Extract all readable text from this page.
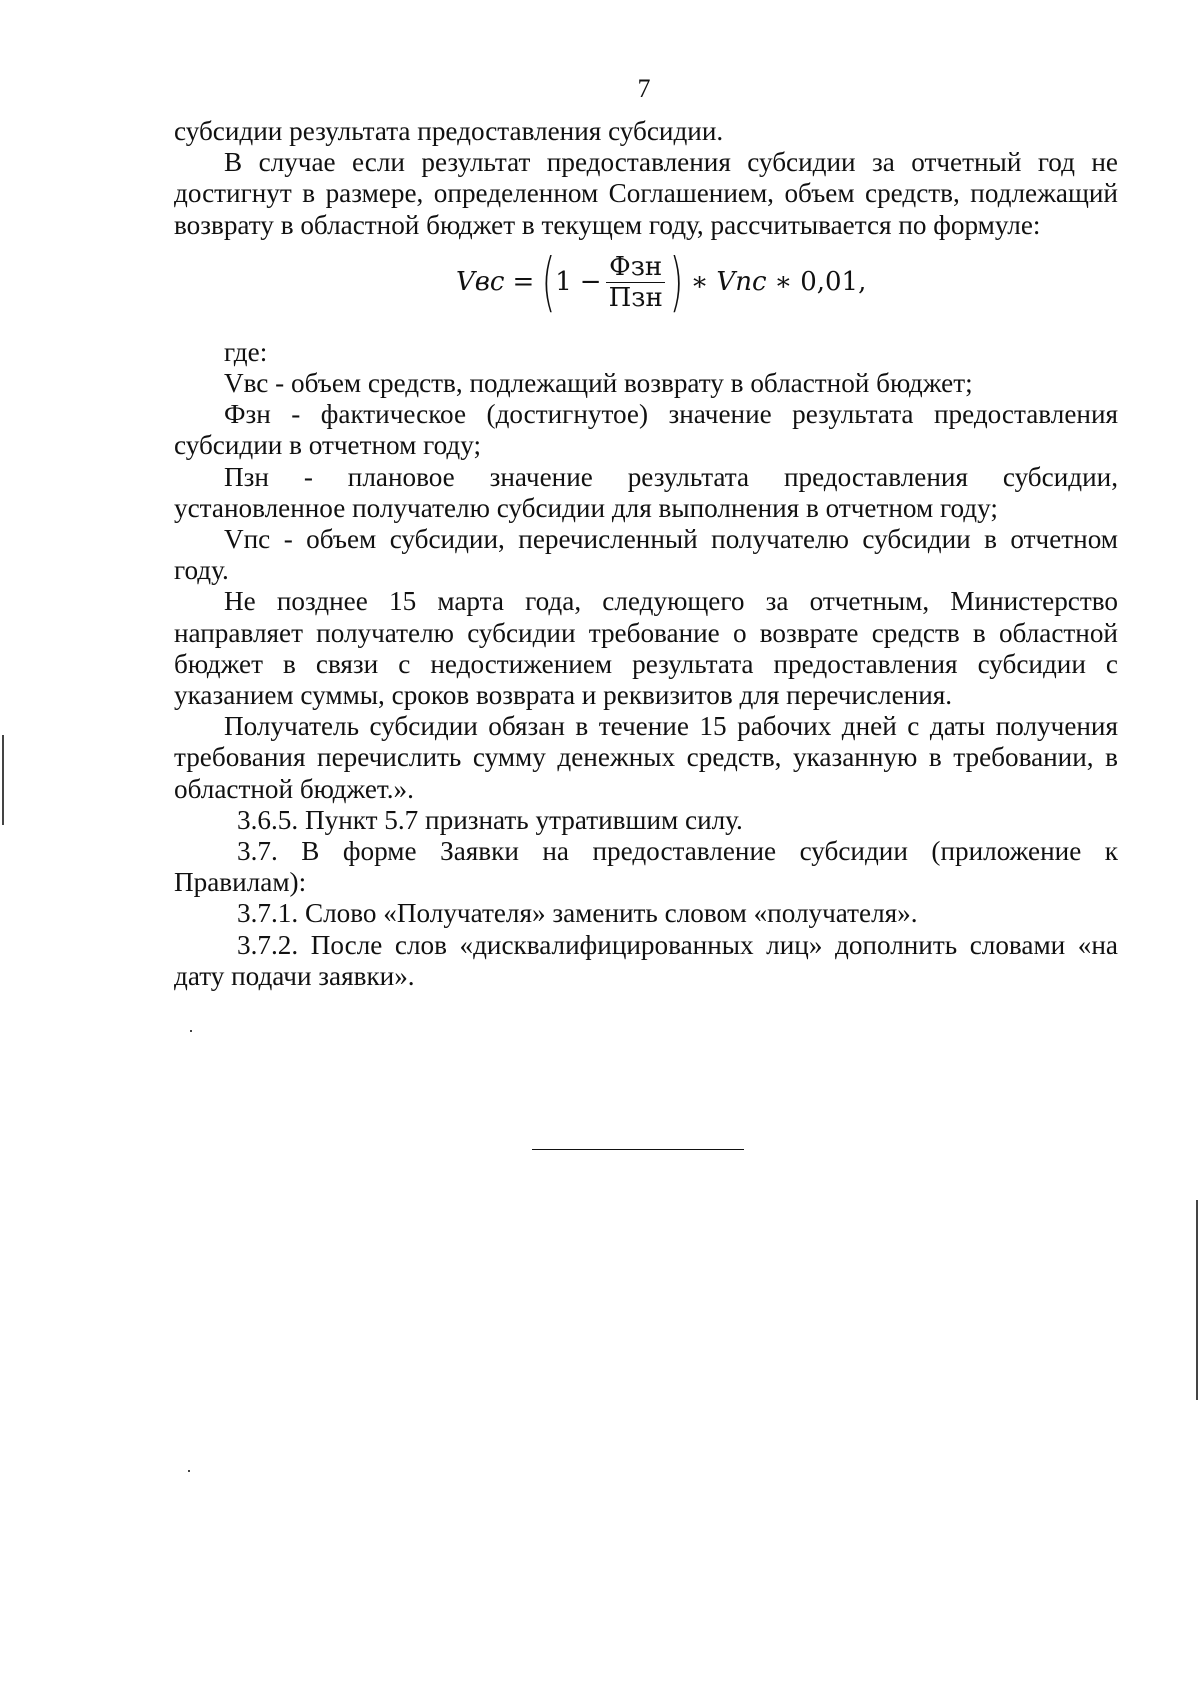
7

субсидии результата предоставления субсидии.

В случае если результат предоставления субсидии за отчетный год не достигнут в размере, определенном Соглашением, объем средств, подлежащий возврату в областной бюджет в текущем году, рассчитывается по формуле:

Vвс = ( $1 - \frac{\text{Фзн}}{\text{Пзн}}$ ) ∗ Vпс ∗ 0,01,

где:

Vвс - объем средств, подлежащий возврату в областной бюджет;

Фзн - фактическое (достигнутое) значение результата предоставления субсидии в отчетном году;

Пзн - плановое значение результата предоставления субсидии, установленное получателю субсидии для выполнения в отчетном году;

Vпс - объем субсидии, перечисленный получателю субсидии в отчетном году.

Не позднее 15 марта года, следующего за отчетным, Министерство направляет получателю субсидии требование о возврате средств в областной бюджет в связи с недостижением результата предоставления субсидии с указанием суммы, сроков возврата и реквизитов для перечисления.

Получатель субсидии обязан в течение 15 рабочих дней с даты получения требования перечислить сумму денежных средств, указанную в требовании, в областной бюджет.».

3.6.5. Пункт 5.7 признать утратившим силу.

3.7. В форме Заявки на предоставление субсидии (приложение к Правилам):

3.7.1. Слово «Получателя» заменить словом «получателя».

3.7.2. После слов «дисквалифицированных лиц» дополнить словами «на дату подачи заявки».
